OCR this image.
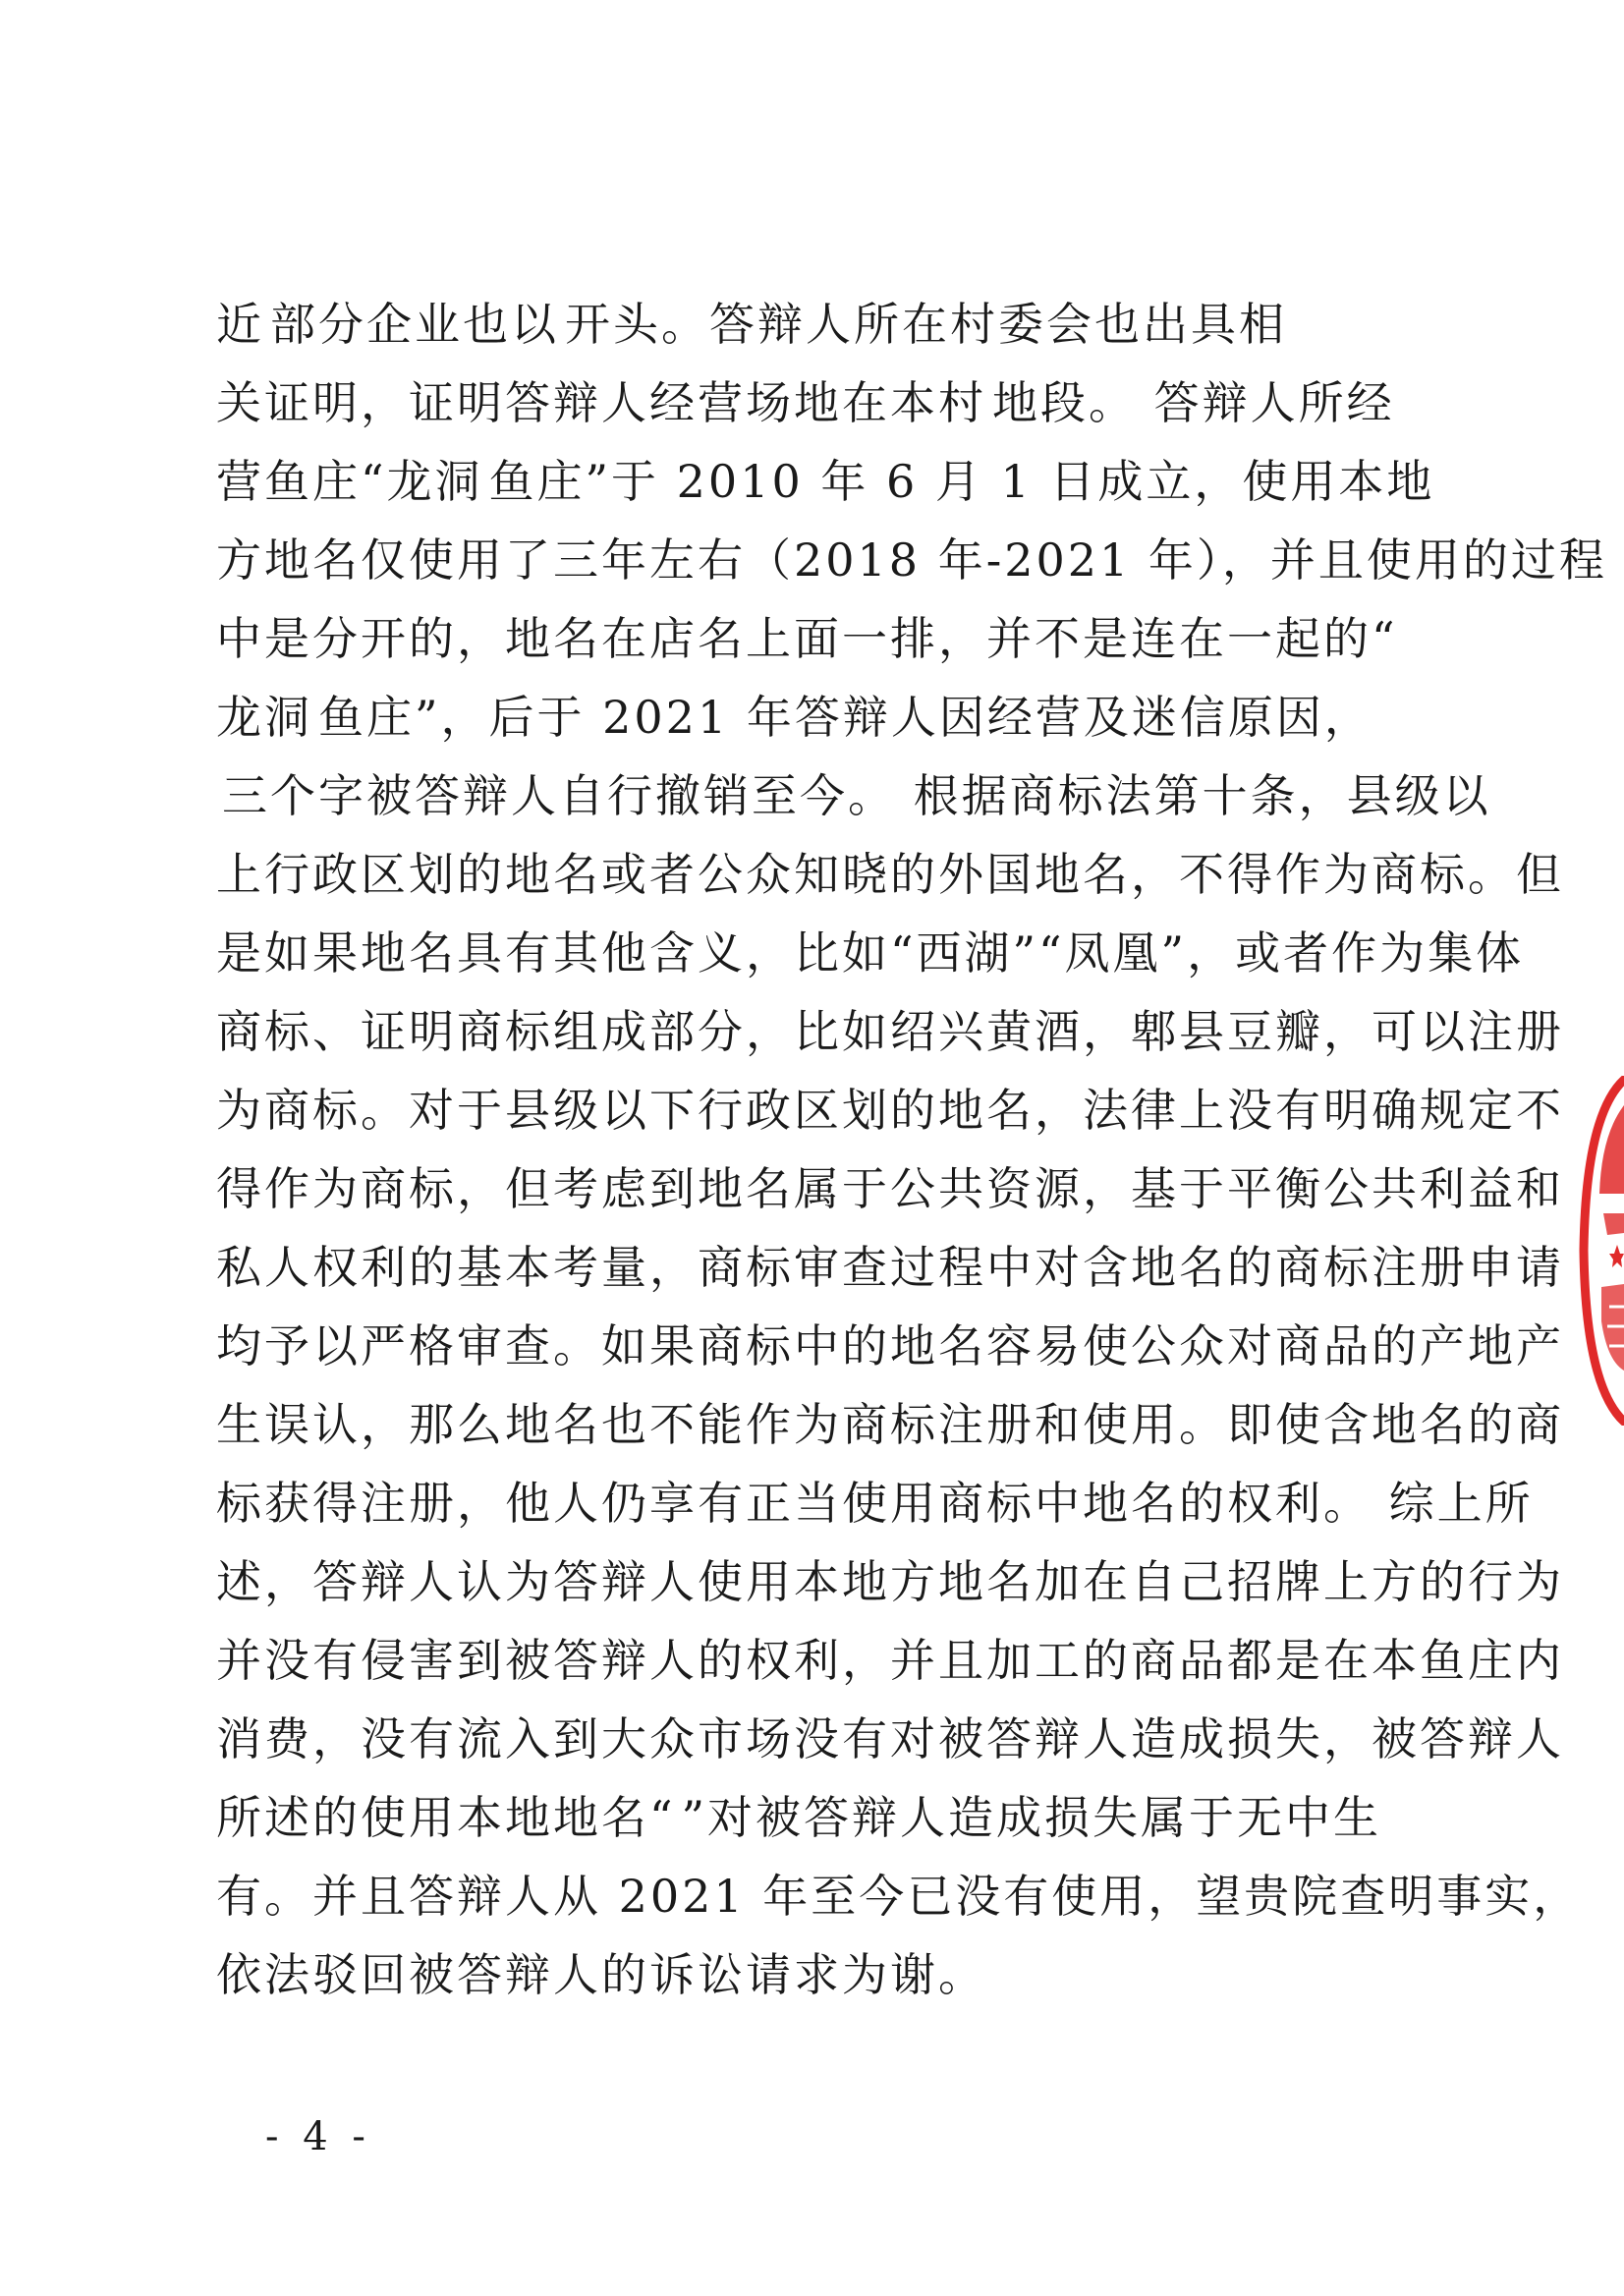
近 部分企业也以 开头。答辩人所在村委会也出具相
关证明，证明答辩人经营场地在本村 地段。 答辩人所经
营鱼庄“龙洞 鱼庄”于 2010 年 6 月 1 日成立，使用本地
方地名仅使用了三年左右（2018 年-2021 年），并且使用的过程
中是分开的，地名在店名上面一排，并不是连在一起的“
龙洞 鱼庄”，后于 2021 年答辩人因经营及迷信原因，
三个字被答辩人自行撤销至今。 根据商标法第十条，县级以
上行政区划的地名或者公众知晓的外国地名，不得作为商标。但
是如果地名具有其他含义，比如“西湖”“凤凰”，或者作为集体
商标、证明商标组成部分，比如绍兴黄酒，郫县豆瓣，可以注册
为商标。对于县级以下行政区划的地名，法律上没有明确规定不
得作为商标，但考虑到地名属于公共资源，基于平衡公共利益和
私人权利的基本考量，商标审查过程中对含地名的商标注册申请
均予以严格审查。如果商标中的地名容易使公众对商品的产地产
生误认，那么地名也不能作为商标注册和使用。即使含地名的商
标获得注册，他人仍享有正当使用商标中地名的权利。 综上所
述，答辩人认为答辩人使用本地方地名加在自己招牌上方的行为
并没有侵害到被答辩人的权利，并且加工的商品都是在本鱼庄内
消费，没有流入到大众市场没有对被答辩人造成损失，被答辩人
所述的使用本地地名“ ”对被答辩人造成损失属于无中生
有。并且答辩人从 2021 年至今已没有使用，望贵院查明事实，
依法驳回被答辩人的诉讼请求为谢。
- 4 -
